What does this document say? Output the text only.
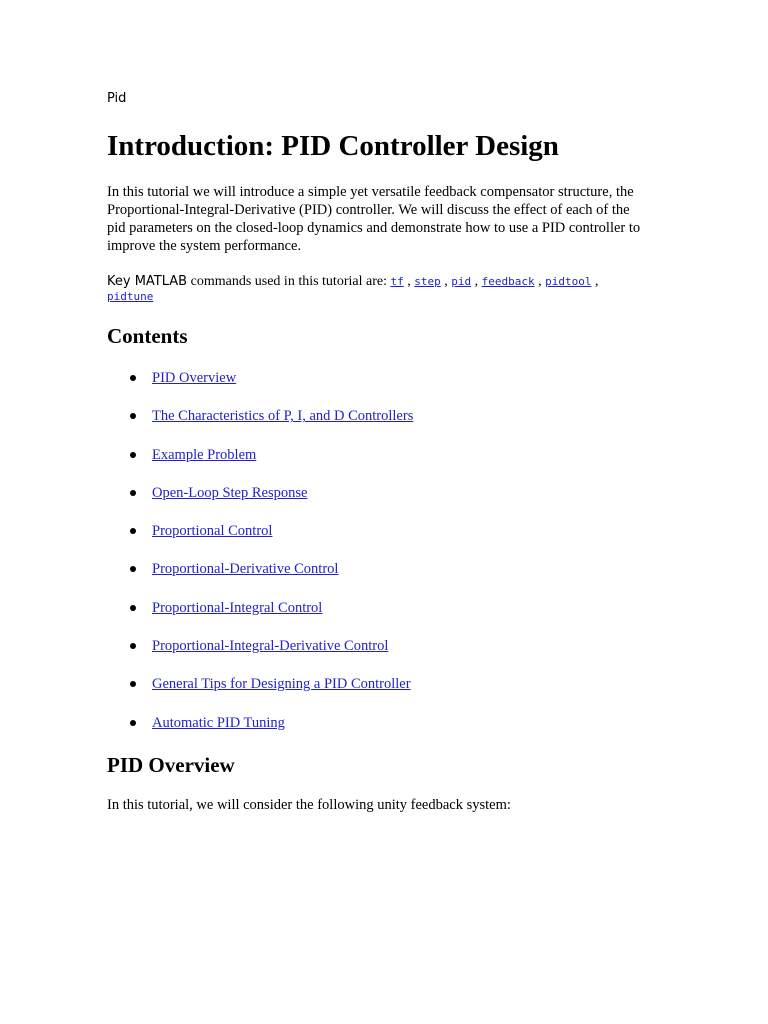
Pid

Introduction: PID Controller Design

In this tutorial we will introduce a simple yet versatile feedback compensator structure, the
Proportional-Integral-Derivative (PID) controller. We will discuss the effect of each of the
pid parameters on the closed-loop dynamics and demonstrate how to use a PID controller to
improve the system performance.

Key MATLAB commands used in this tutorial are: tf , step , pid , feedback , pidtool ,
pidtune

Contents
PID Overview
The Characteristics of P, I, and D Controllers
Example Problem
Open-Loop Step Response
Proportional Control
Proportional-Derivative Control
Proportional-Integral Control
Proportional-Integral-Derivative Control
General Tips for Designing a PID Controller
Automatic PID Tuning
PID Overview

In this tutorial, we will consider the following unity feedback system:
